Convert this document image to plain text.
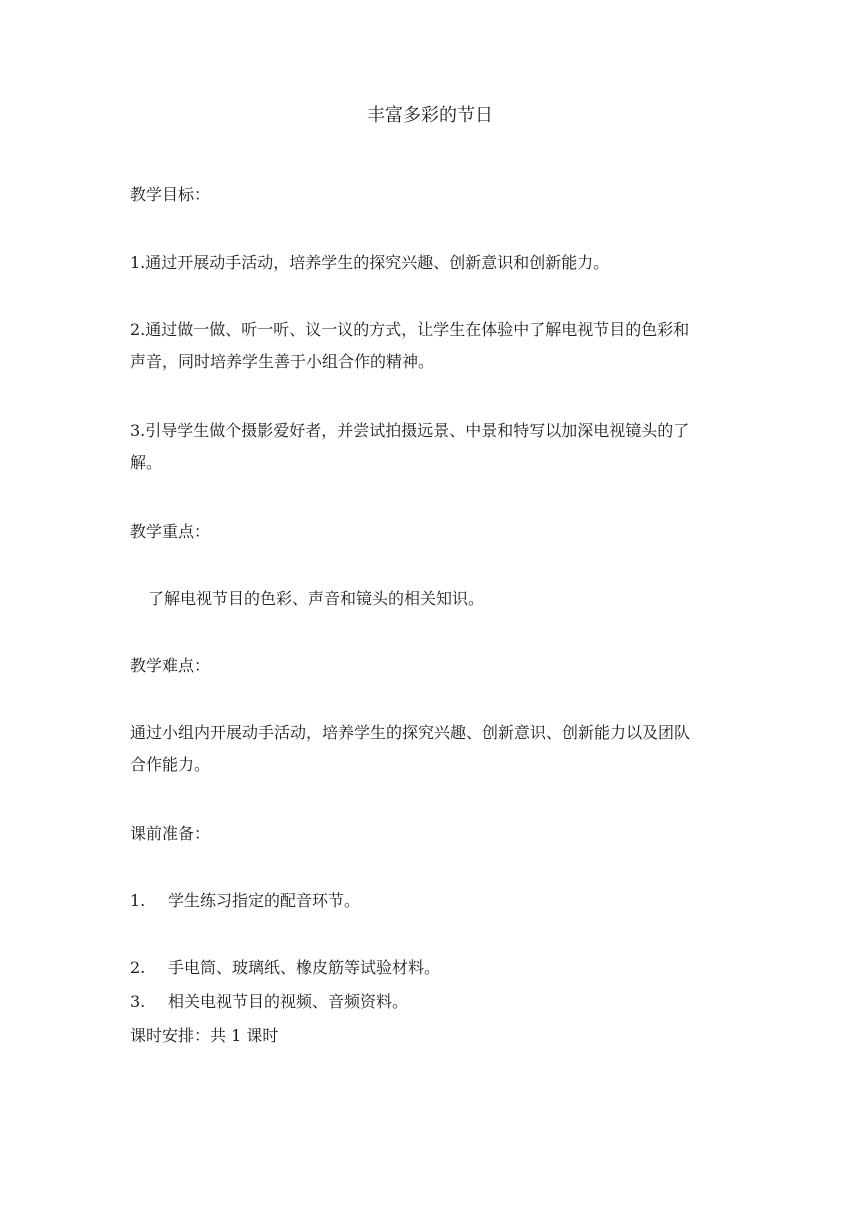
丰富多彩的节日
教学目标：
1.通过开展动手活动，培养学生的探究兴趣、创新意识和创新能力。
2.通过做一做、听一听、议一议的方式，让学生在体验中了解电视节目的色彩和
声音，同时培养学生善于小组合作的精神。
3.引导学生做个摄影爱好者，并尝试拍摄远景、中景和特写以加深电视镜头的了
解。
教学重点：
了解电视节目的色彩、声音和镜头的相关知识。
教学难点：
通过小组内开展动手活动，培养学生的探究兴趣、创新意识、创新能力以及团队
合作能力。
课前准备：
1. 学生练习指定的配音环节。
2. 手电筒、玻璃纸、橡皮筋等试验材料。
3. 相关电视节目的视频、音频资料。
课时安排：共 1 课时
